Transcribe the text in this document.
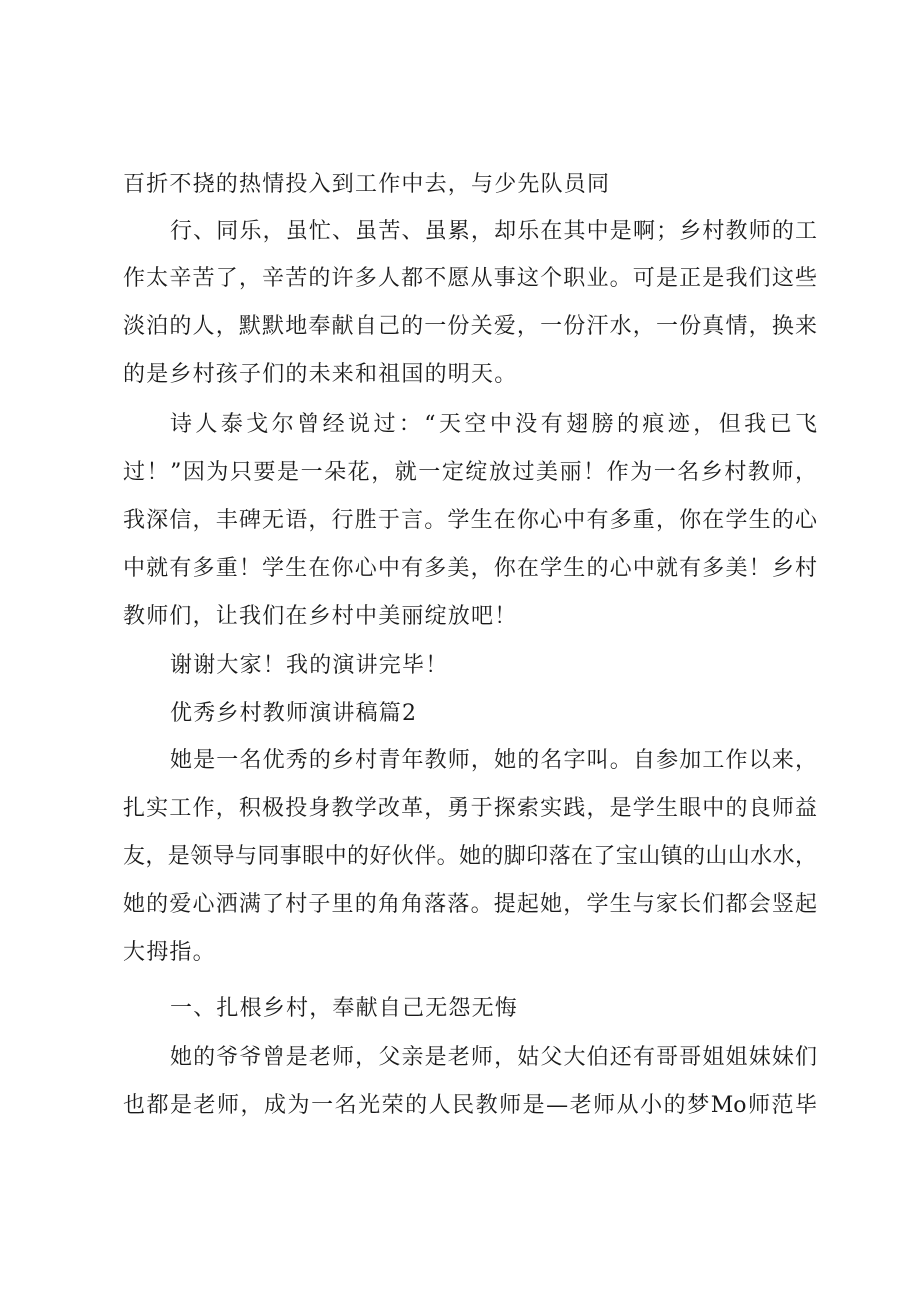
百折不挠的热情投入到工作中去，与少先队员同
行、同乐，虽忙、虽苦、虽累，却乐在其中是啊；乡村教师的工
作太辛苦了，辛苦的许多人都不愿从事这个职业。可是正是我们这些
淡泊的人，默默地奉献自己的一份关爱，一份汗水，一份真情，换来
的是乡村孩子们的未来和祖国的明天。
诗人泰戈尔曾经说过：“天空中没有翅膀的痕迹，但我已飞
过！”因为只要是一朵花，就一定绽放过美丽！作为一名乡村教师，
我深信，丰碑无语，行胜于言。学生在你心中有多重，你在学生的心
中就有多重！学生在你心中有多美，你在学生的心中就有多美！乡村
教师们，让我们在乡村中美丽绽放吧！
谢谢大家！我的演讲完毕！
优秀乡村教师演讲稿篇2
她是一名优秀的乡村青年教师，她的名字叫。自参加工作以来，
扎实工作，积极投身教学改革，勇于探索实践，是学生眼中的良师益
友，是领导与同事眼中的好伙伴。她的脚印落在了宝山镇的山山水水，
她的爱心洒满了村子里的角角落落。提起她，学生与家长们都会竖起
大拇指。
一、扎根乡村，奉献自己无怨无悔
她的爷爷曾是老师，父亲是老师，姑父大伯还有哥哥姐姐妹妹们
也都是老师，成为一名光荣的人民教师是—老师从小的梦Mo师范毕
